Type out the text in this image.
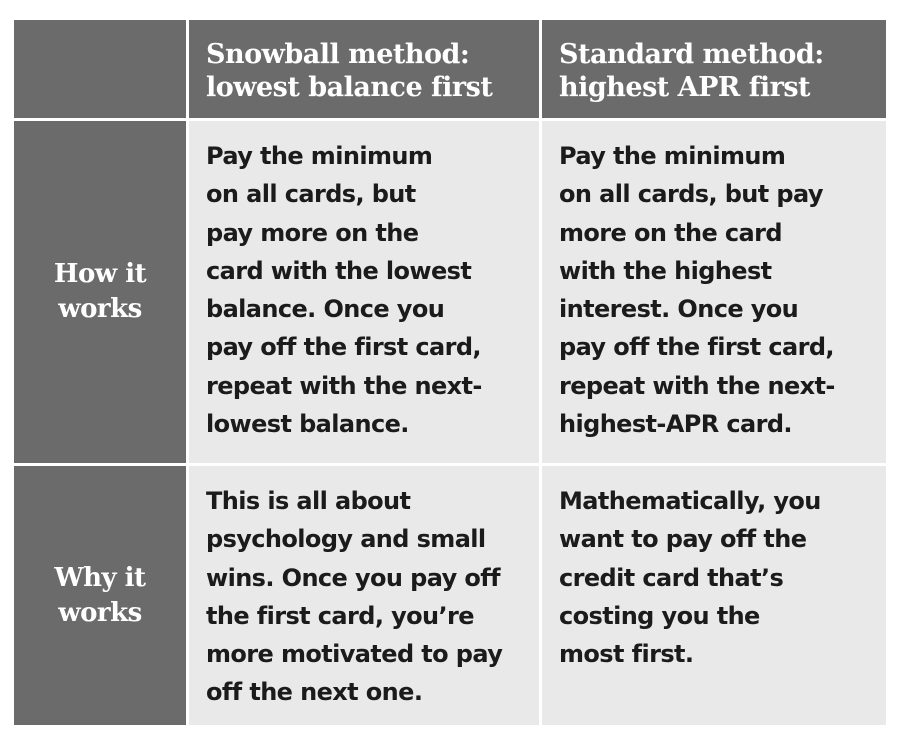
Snowball method:
lowest balance first
Standard method:
highest APR first
How it
works
Pay the minimum
on all cards, but
pay more on the
card with the lowest
balance. Once you
pay off the first card,
repeat with the next-
lowest balance.
Pay the minimum
on all cards, but pay
more on the card
with the highest
interest. Once you
pay off the first card,
repeat with the next-
highest-APR card.
Why it
works
This is all about
psychology and small
wins. Once you pay off
the first card, you’re
more motivated to pay
off the next one.
Mathematically, you
want to pay off the
credit card that’s
costing you the
most first.
